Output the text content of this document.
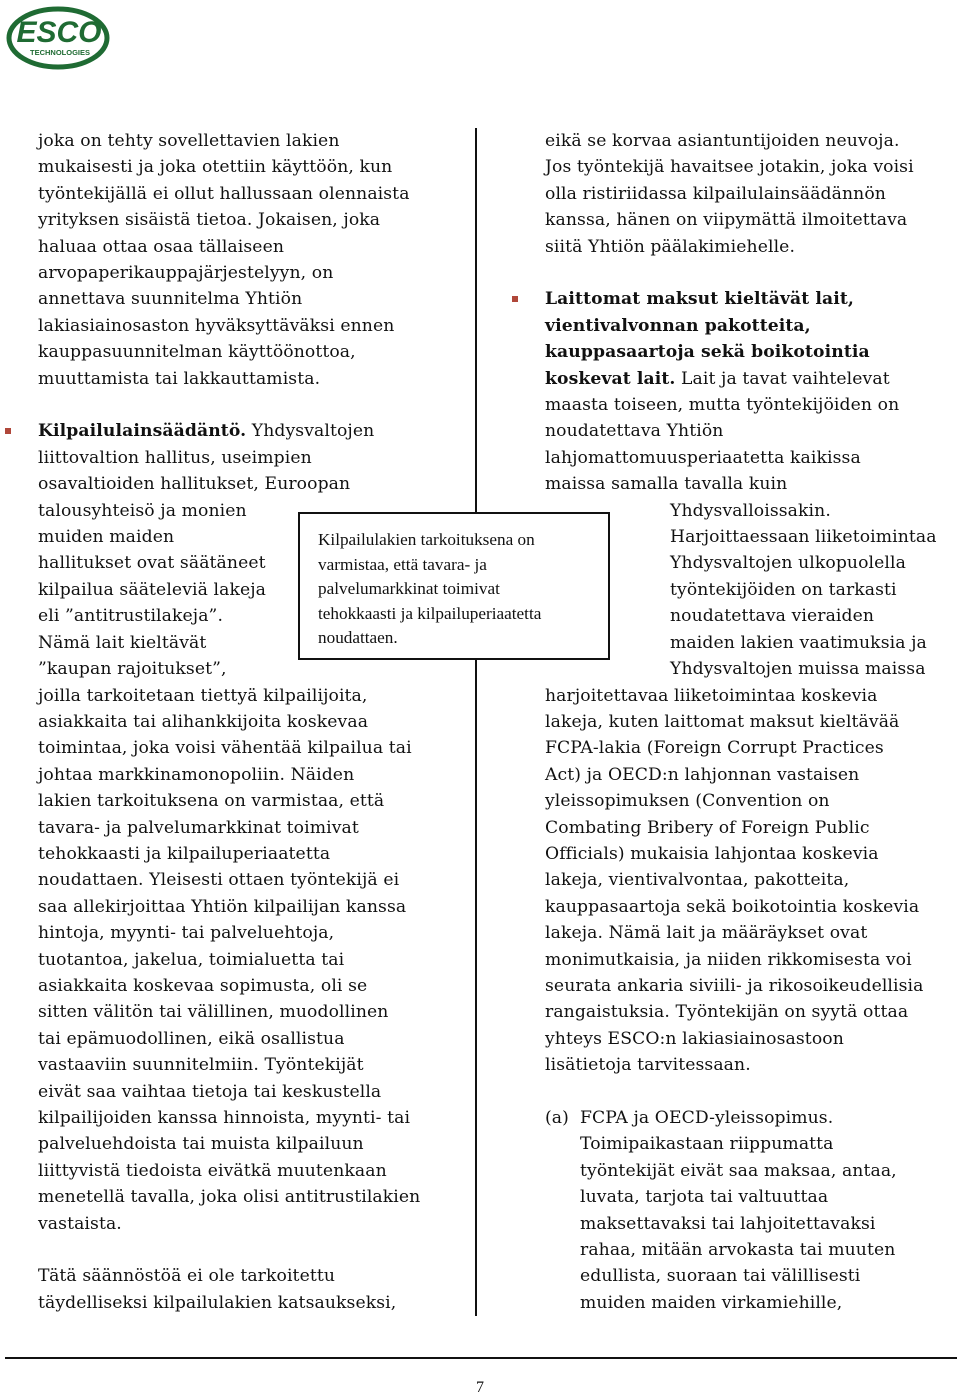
ESCO
TECHNOLOGIES

joka on tehty sovellettavien lakien

mukaisesti ja joka otettiin käyttöön, kun

työntekijällä ei ollut hallussaan olennaista

yrityksen sisäistä tietoa. Jokaisen, joka

haluaa ottaa osaa tällaiseen

arvopaperikauppajärjestelyyn, on

annettava suunnitelma Yhtiön

lakiasiainosaston hyväksyttäväksi ennen

kauppasuunnitelman käyttöönottoa,

muuttamista tai lakkauttamista.

Kilpailulainsäädäntö. Yhdysvaltojen

liittovaltion hallitus, useimpien

osavaltioiden hallitukset, Euroopan

talousyhteisö ja monien

muiden maiden

hallitukset ovat säätäneet

kilpailua sääteleviä lakeja

eli ”antitrustilakeja”.

Nämä lait kieltävät

”kaupan rajoitukset”,

joilla tarkoitetaan tiettyä kilpailijoita,

asiakkaita tai alihankkijoita koskevaa

toimintaa, joka voisi vähentää kilpailua tai

johtaa markkinamonopoliin. Näiden

lakien tarkoituksena on varmistaa, että

tavara- ja palvelumarkkinat toimivat

tehokkaasti ja kilpailuperiaatetta

noudattaen. Yleisesti ottaen työntekijä ei

saa allekirjoittaa Yhtiön kilpailijan kanssa

hintoja, myynti- tai palveluehtoja,

tuotantoa, jakelua, toimialuetta tai

asiakkaita koskevaa sopimusta, oli se

sitten välitön tai välillinen, muodollinen

tai epämuodollinen, eikä osallistua

vastaaviin suunnitelmiin. Työntekijät

eivät saa vaihtaa tietoja tai keskustella

kilpailijoiden kanssa hinnoista, myynti- tai

palveluehdoista tai muista kilpailuun

liittyvistä tiedoista eivätkä muutenkaan

menetellä tavalla, joka olisi antitrustilakien

vastaista.

Tätä säännöstöä ei ole tarkoitettu

täydelliseksi kilpailulakien katsaukseksi,

Kilpailulakien tarkoituksena on

varmistaa, että tavara- ja

palvelumarkkinat toimivat

tehokkaasti ja kilpailuperiaatetta

noudattaen.

eikä se korvaa asiantuntijoiden neuvoja.

Jos työntekijä havaitsee jotakin, joka voisi

olla ristiriidassa kilpailulainsäädännön

kanssa, hänen on viipymättä ilmoitettava

siitä Yhtiön päälakimiehelle.

Laittomat maksut kieltävät lait,

vientivalvonnan pakotteita,

kauppasaartoja sekä boikotointia

koskevat lait. Lait ja tavat vaihtelevat

maasta toiseen, mutta työntekijöiden on

noudatettava Yhtiön

lahjomattomuusperiaatetta kaikissa

maissa samalla tavalla kuin

Yhdysvalloissakin.

Harjoittaessaan liiketoimintaa

Yhdysvaltojen ulkopuolella

työntekijöiden on tarkasti

noudatettava vieraiden

maiden lakien vaatimuksia ja

Yhdysvaltojen muissa maissa

harjoitettavaa liiketoimintaa koskevia

lakeja, kuten laittomat maksut kieltävää

FCPA-lakia (Foreign Corrupt Practices

Act) ja OECD:n lahjonnan vastaisen

yleissopimuksen (Convention on

Combating Bribery of Foreign Public

Officials) mukaisia lahjontaa koskevia

lakeja, vientivalvontaa, pakotteita,

kauppasaartoja sekä boikotointia koskevia

lakeja. Nämä lait ja määräykset ovat

monimutkaisia, ja niiden rikkomisesta voi

seurata ankaria siviili- ja rikosoikeudellisia

rangaistuksia. Työntekijän on syytä ottaa

yhteys ESCO:n lakiasiainosastoon

lisätietoja tarvitessaan.

(a) FCPA ja OECD-yleissopimus.

Toimipaikastaan riippumatta

työntekijät eivät saa maksaa, antaa,

luvata, tarjota tai valtuuttaa

maksettavaksi tai lahjoitettavaksi

rahaa, mitään arvokasta tai muuten

edullista, suoraan tai välillisesti

muiden maiden virkamiehille,

7
